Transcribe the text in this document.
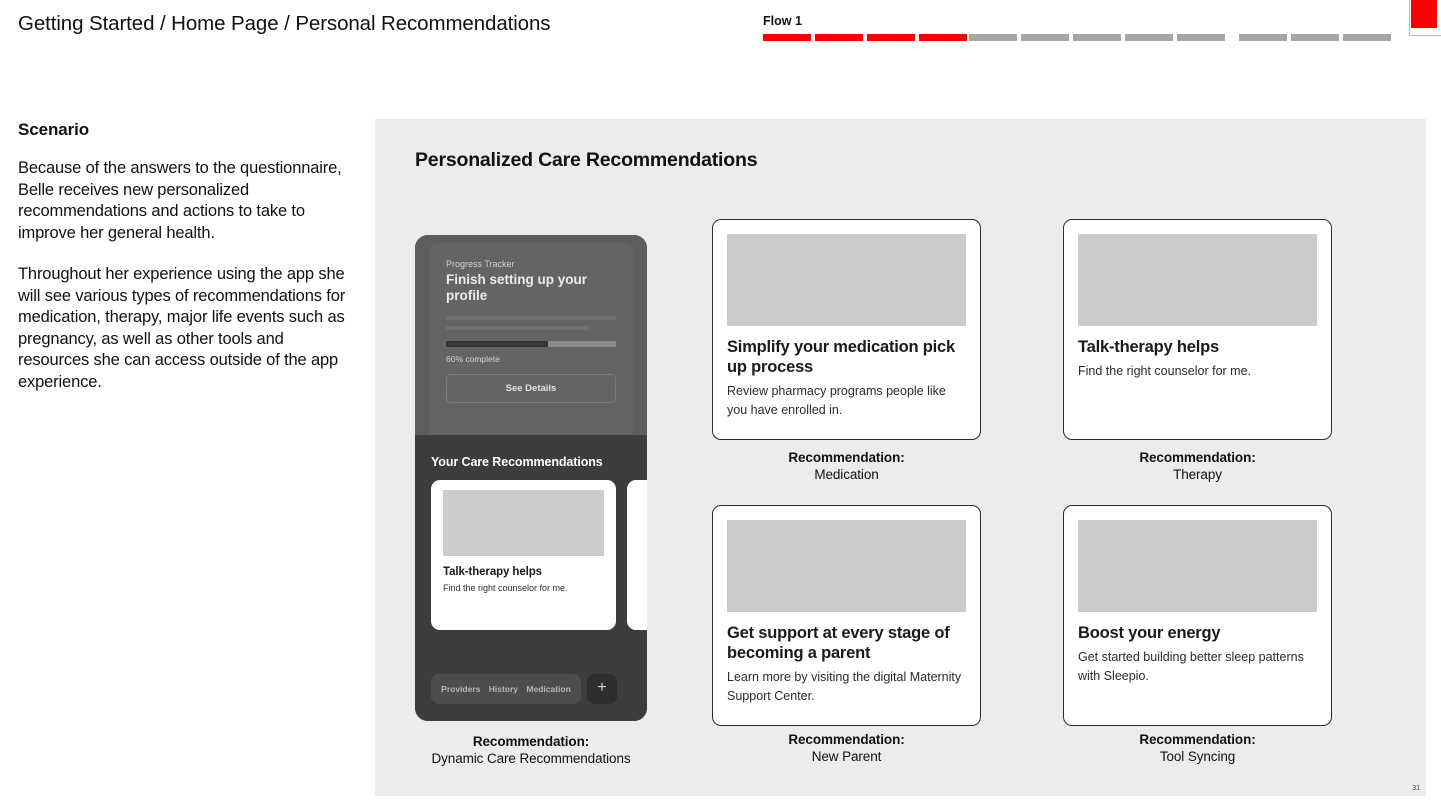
Getting Started / Home Page / Personal Recommendations	Flow 1
Scenario

Because of the answers to the questionnaire, Belle receives new personalized recommendations and actions to take to improve her general health.

Throughout her experience using the app she will see various types of recommendations for medication, therapy, major life events such as pregnancy, as well as other tools and resources she can access outside of the app experience.

Personalized Care Recommendations
Progress Tracker
Finish setting up your profile
60% complete
See Details
Your Care Recommendations
Talk-therapy helps
Find the right counselor for me.
Providers History Medication	+
Recommendation:
Dynamic Care Recommendations
Simplify your medication pick up process
Review pharmacy programs people like you have enrolled in.
Recommendation:
Medication
Talk-therapy helps
Find the right counselor for me.
Recommendation:
Therapy
Get support at every stage of becoming a parent
Learn more by visiting the digital Maternity Support Center.
Recommendation:
New Parent
Boost your energy
Get started building better sleep patterns with Sleepio.
Recommendation:
Tool Syncing
31
